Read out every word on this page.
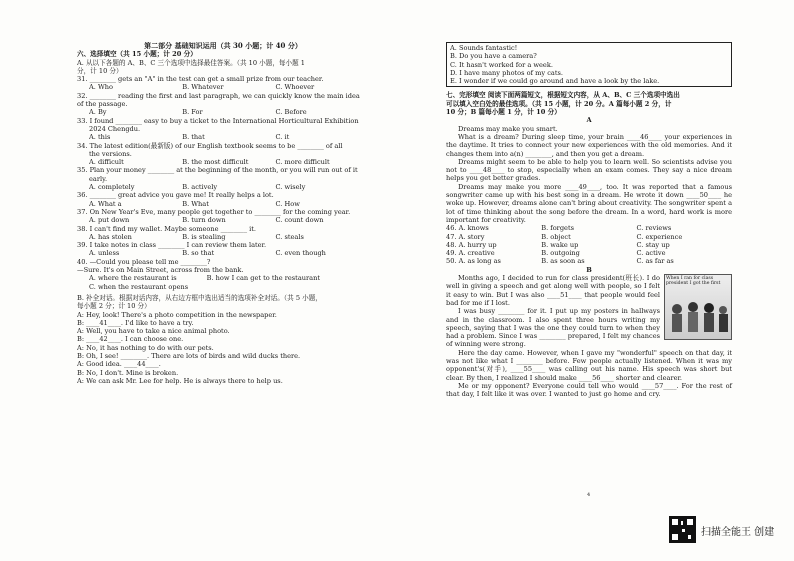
第二部分 基础知识运用（共 30 小题；计 40 分）
六、选择填空（共 15 小题；计 20 分）
A. 从以下各题的 A、B、C 三个选项中选择最佳答案。（共 10 小题，每小题 1
分，计 10 分）
31. ________ gets an "A" in the test can get a small prize from our teacher.
A. Who	B. Whatever	C. Whoever
32. ________ reading the first and last paragraph, we can quickly know the main idea
of the passage.
A. By	B. For	C. Before
33. I found ________ easy to buy a ticket to the International Horticultural Exhibition
2024 Chengdu.
A. this	B. that	C. it
34. The latest edition(最新版) of our English textbook seems to be ________ of all
the versions.
A. difficult	B. the most difficult	C. more difficult
35. Plan your money ________ at the beginning of the month, or you will run out of it
early.
A. completely	B. actively	C. wisely
36. ________ great advice you gave me! It really helps a lot.
A. What a	B. What	C. How
37. On New Year's Eve, many people get together to ________ for the coming year.
A. put down	B. turn down	C. count down
38. I can't find my wallet. Maybe someone ________ it.
A. has stolen	B. is stealing	C. steals
39. I take notes in class ________ I can review them later.
A. unless	B. so that	C. even though
40. —Could you please tell me ________?
—Sure. It's on Main Street, across from the bank.
A. where the restaurant is	B. how I can get to the restaurant
C. when the restaurant opens
B. 补全对话。根据对话内容，从右边方框中选出适当的选项补全对话。（共 5 小题，
每小题 2 分；计 10 分）
A: Hey, look! There's a photo competition in the newspaper.
B: ____41____. I'd like to have a try.
A: Well, you have to take a nice animal photo.
B: ____42____. I can choose one.
A: No, it has nothing to do with our pets.
B: Oh, I see! ________. There are lots of birds and wild ducks there.
A: Good idea. ____44____.
B: No, I don't. Mine is broken.
A: We can ask Mr. Lee for help. He is always there to help us.
A. Sounds fantastic!
B. Do you have a camera?
C. It hasn't worked for a week.
D. I have many photos of my cats.
E. I wonder if we could go around and have a look by the lake.
七、完形填空 阅读下面两篇短文，根据短文内容，从 A、B、C 三个选项中选出
可以填入空白处的最佳选项。（共 15 小题，计 20 分。A 篇每小题 2 分，计
10 分；B 篇每小题 1 分，计 10 分）
A
Dreams may make you smart.
What is a dream? During sleep time, your brain ____46____ your experiences in the daytime. It tries to connect your new experiences with the old memories. And it changes them into a(n) ________, and then you get a dream.
Dreams might seem to be able to help you to learn well. So scientists advise you not to ____48____ to stop, especially when an exam comes. They say a nice dream helps you get better grades.
Dreams may make you more ____49____, too. It was reported that a famous songwriter came up with his best song in a dream. He wrote it down ____50____ he woke up. However, dreams alone can't bring about creativity. The songwriter spent a lot of time thinking about the song before the dream. In a word, hard work is more important for creativity.
46. A. knows	B. forgets	C. reviews
47. A. story	B. object	C. experience
48. A. hurry up	B. wake up	C. stay up
49. A. creative	B. outgoing	C. active
50. A. as long as	B. as soon as	C. as far as
B
When I ran for class president I got the first
Months ago, I decided to run for class president(班长). I do well in giving a speech and get along well with people, so I felt it easy to win. But I was also ____51____ that people would feel bad for me if I lost.
I was busy ________ for it. I put up my posters in hallways and in the classroom. I also spent three hours writing my speech, saying that I was the one they could turn to when they had a problem. Since I was ________ prepared, I felt my chances of winning were strong.
Here the day came. However, when I gave my "wonderful" speech on that day, it was not like what I ________ before. Few people actually listened. When it was my opponent's(对手), ____55____ was calling out his name. His speech was short but clear. By then, I realized I should make ____56____ shorter and clearer.
Me or my opponent? Everyone could tell who would ____57____. For the rest of that day, I felt like it was over. I wanted to just go home and cry.
4
扫描全能王 创建
